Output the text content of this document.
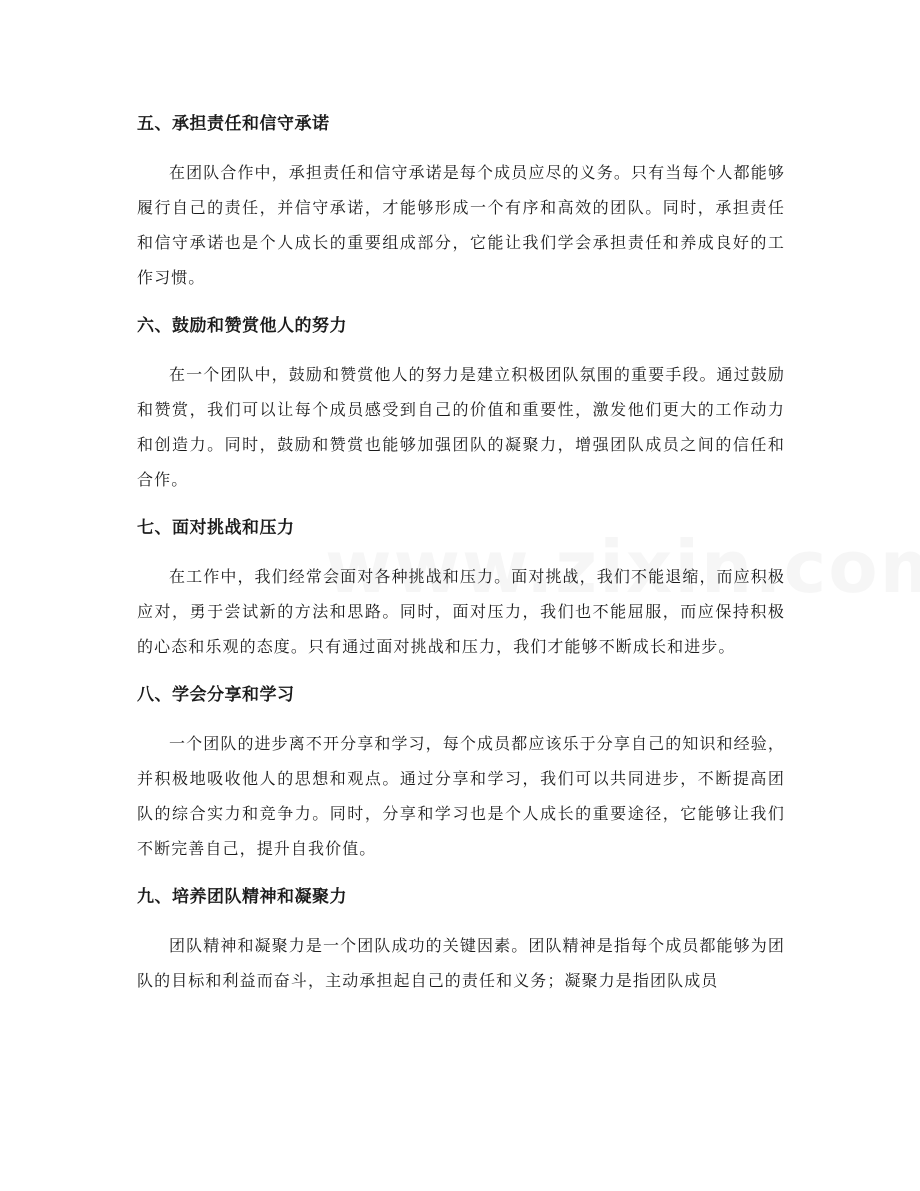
五、承担责任和信守承诺

在团队合作中，承担责任和信守承诺是每个成员应尽的义务。只有当每个人都能够履行自己的责任，并信守承诺，才能够形成一个有序和高效的团队。同时，承担责任和信守承诺也是个人成长的重要组成部分，它能让我们学会承担责任和养成良好的工作习惯。

六、鼓励和赞赏他人的努力

在一个团队中，鼓励和赞赏他人的努力是建立积极团队氛围的重要手段。通过鼓励和赞赏，我们可以让每个成员感受到自己的价值和重要性，激发他们更大的工作动力和创造力。同时，鼓励和赞赏也能够加强团队的凝聚力，增强团队成员之间的信任和合作。

七、面对挑战和压力

在工作中，我们经常会面对各种挑战和压力。面对挑战，我们不能退缩，而应积极应对，勇于尝试新的方法和思路。同时，面对压力，我们也不能屈服，而应保持积极的心态和乐观的态度。只有通过面对挑战和压力，我们才能够不断成长和进步。

八、学会分享和学习

一个团队的进步离不开分享和学习，每个成员都应该乐于分享自己的知识和经验，并积极地吸收他人的思想和观点。通过分享和学习，我们可以共同进步，不断提高团队的综合实力和竞争力。同时，分享和学习也是个人成长的重要途径，它能够让我们不断完善自己，提升自我价值。

九、培养团队精神和凝聚力

团队精神和凝聚力是一个团队成功的关键因素。团队精神是指每个成员都能够为团队的目标和利益而奋斗，主动承担起自己的责任和义务；凝聚力是指团队成员
